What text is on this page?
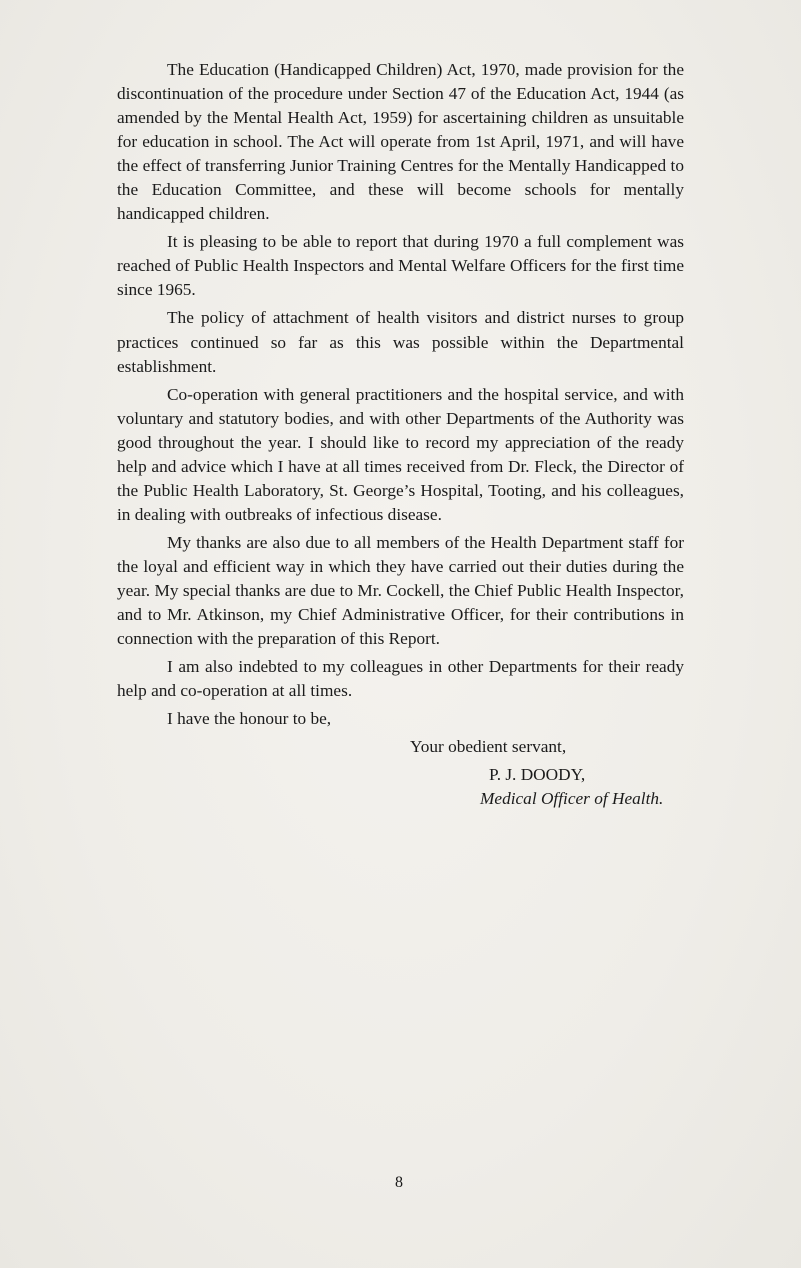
The Education (Handicapped Children) Act, 1970, made provision for the discontinuation of the procedure under Section 47 of the Education Act, 1944 (as amended by the Mental Health Act, 1959) for ascertaining children as unsuitable for education in school. The Act will operate from 1st April, 1971, and will have the effect of transferring Junior Training Centres for the Mentally Handicapped to the Education Committee, and these will become schools for mentally handicapped children.

It is pleasing to be able to report that during 1970 a full complement was reached of Public Health Inspectors and Mental Welfare Officers for the first time since 1965.

The policy of attachment of health visitors and district nurses to group practices continued so far as this was possible within the Departmental establishment.

Co-operation with general practitioners and the hospital service, and with voluntary and statutory bodies, and with other Departments of the Authority was good throughout the year. I should like to record my appreciation of the ready help and advice which I have at all times received from Dr. Fleck, the Director of the Public Health Laboratory, St. George’s Hospital, Tooting, and his colleagues, in dealing with outbreaks of infectious disease.

My thanks are also due to all members of the Health Department staff for the loyal and efficient way in which they have carried out their duties during the year. My special thanks are due to Mr. Cockell, the Chief Public Health Inspector, and to Mr. Atkinson, my Chief Administrative Officer, for their contributions in connection with the preparation of this Report.

I am also indebted to my colleagues in other Departments for their ready help and co-operation at all times.

I have the honour to be,

Your obedient servant,
P. J. DOODY,
Medical Officer of Health.
8
